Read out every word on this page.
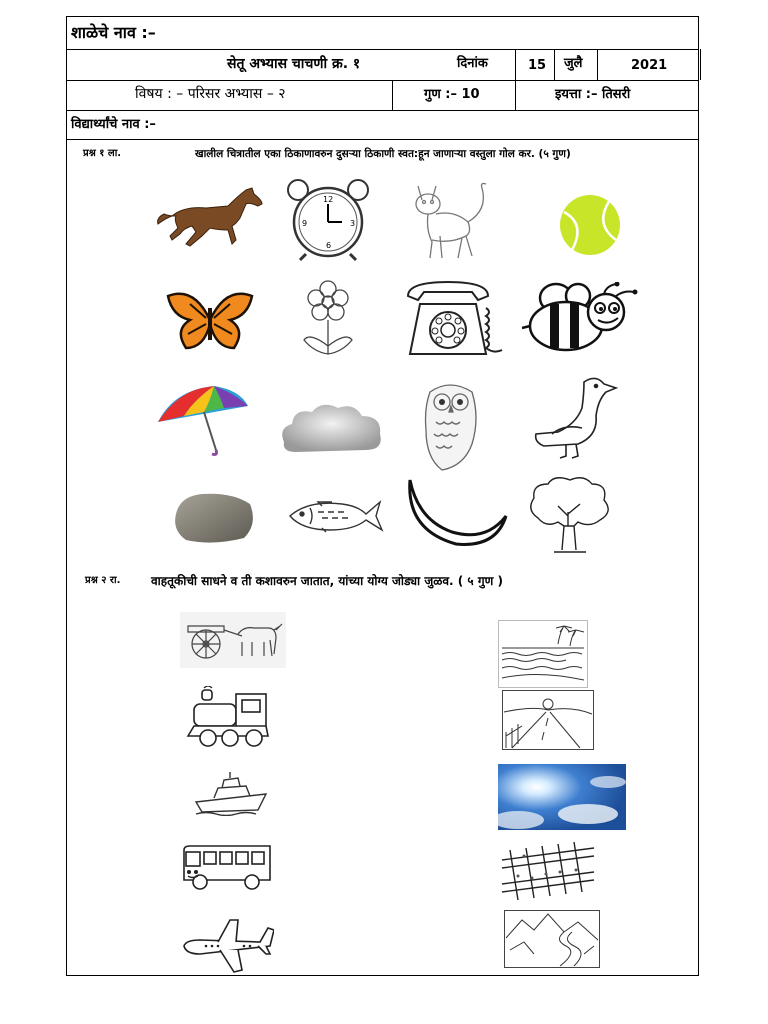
शाळेचे नाव :–
सेतू अभ्यास चाचणी क्र. १	दिनांक	15 जुलै	2021
विषय : – परिसर अभ्यास – २	गुण :– 10	इयत्ता :– तिसरी
विद्यार्थ्यांचे नाव :–
प्रश्न १ ला.	खालील चित्रातील एका ठिकाणावरुन दुसऱ्या ठिकाणी स्वत:हून जाणाऱ्या वस्तुला गोल कर. (५ गुण)
प्रश्न २ रा.	वाहतूकीची साधने व ती कशावरुन जातात, यांच्या योग्य जोड्या जुळव. ( ५ गुण )
12
3
6
9
